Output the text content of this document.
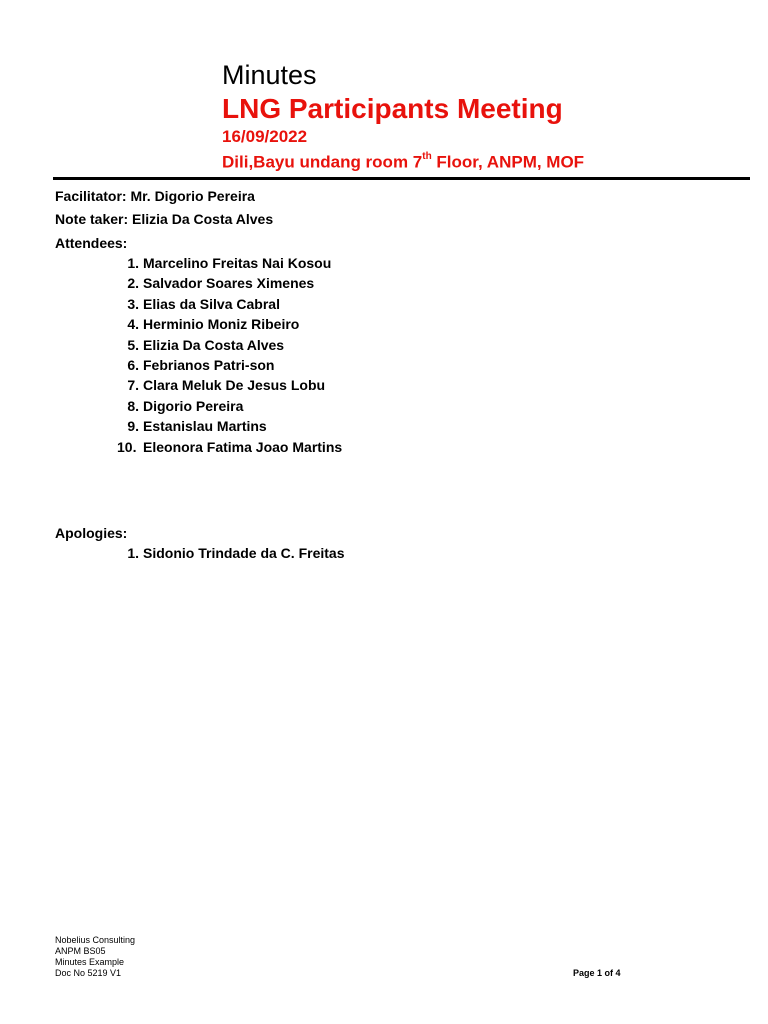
Minutes
LNG Participants Meeting
16/09/2022
Dili,Bayu undang room 7th Floor, ANPM, MOF
Facilitator: Mr. Digorio Pereira
Note taker: Elizia Da Costa Alves
Attendees:
1. Marcelino Freitas Nai Kosou
2. Salvador Soares Ximenes
3. Elias da Silva Cabral
4. Herminio Moniz Ribeiro
5. Elizia Da Costa Alves
6. Febrianos Patri-son
7. Clara Meluk De Jesus Lobu
8. Digorio Pereira
9. Estanislau Martins
10. Eleonora Fatima Joao Martins
Apologies:
1. Sidonio Trindade da C. Freitas
Nobelius Consulting
ANPM BS05
Minutes Example
Doc No 5219 V1	Page 1 of 4
